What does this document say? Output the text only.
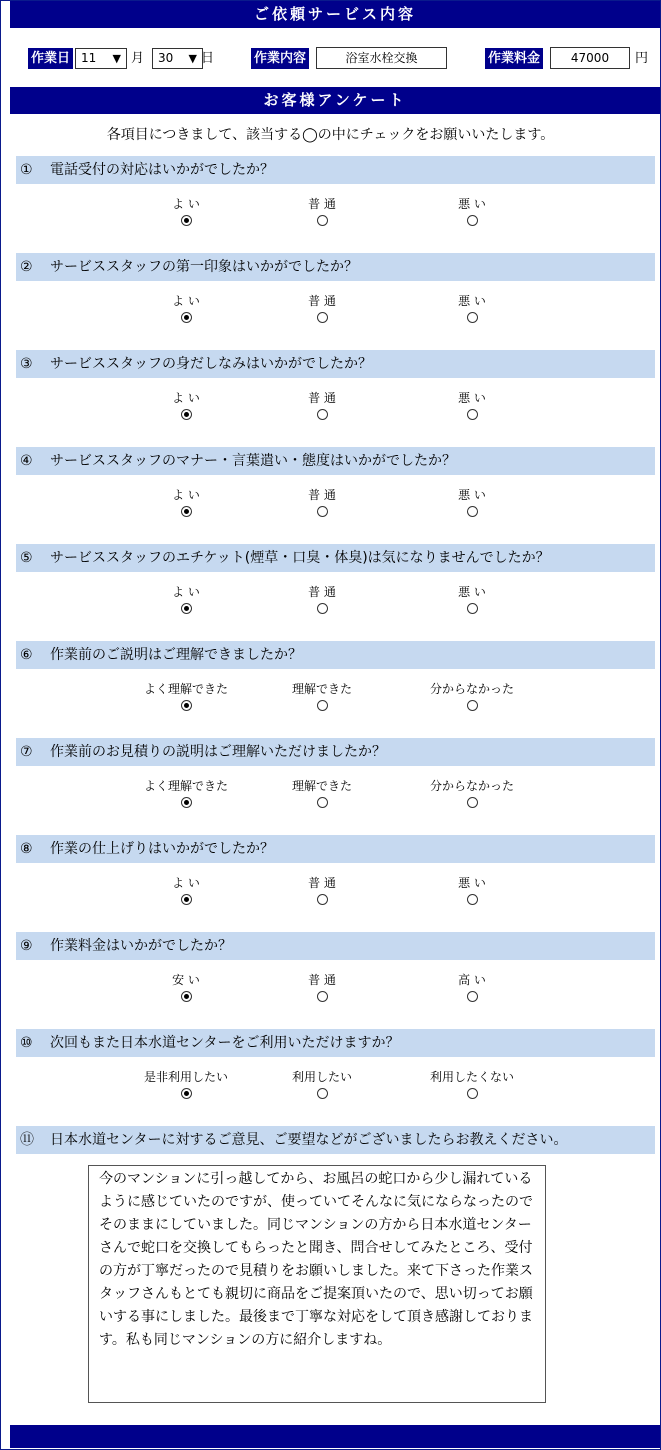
ご依頼サービス内容
作業日 11 ▼ 月	30 ▼ 日	作業内容	浴室水栓交換	作業料金	47000	円
お客様アンケート
各項目につきまして、該当する◯の中にチェックをお願いいたします。
① 電話受付の対応はいかがでしたか？
よ い	普 通	悪 い
② サービススタッフの第一印象はいかがでしたか？
よ い	普 通	悪 い
③ サービススタッフの身だしなみはいかがでしたか？
よ い	普 通	悪 い
④ サービススタッフのマナー・言葉遣い・態度はいかがでしたか？
よ い	普 通	悪 い
⑤ サービススタッフのエチケット(煙草・口臭・体臭)は気になりませんでしたか？
よ い	普 通	悪 い
⑥ 作業前のご説明はご理解できましたか？
よく理解できた	理解できた	分からなかった
⑦ 作業前のお見積りの説明はご理解いただけましたか？
よく理解できた	理解できた	分からなかった
⑧ 作業の仕上げりはいかがでしたか？
よ い	普 通	悪 い
⑨ 作業料金はいかがでしたか？
安 い	普 通	高 い
⑩ 次回もまた日本水道センターをご利用いただけますか？
是非利用したい	利用したい	利用したくない
⑪ 日本水道センターに対するご意見、ご要望などがございましたらお教えください。
今のマンションに引っ越してから、お風呂の蛇口から少し漏れているように感じていたのですが、使っていてそんなに気にならなったのでそのままにしていました。同じマンションの方から日本水道センターさんで蛇口を交換してもらったと聞き、問合せしてみたところ、受付の方が丁寧だったので見積りをお願いしました。来て下さった作業スタッフさんもとても親切に商品をご提案頂いたので、思い切ってお願いする事にしました。最後まで丁寧な対応をして頂き感謝しております。私も同じマンションの方に紹介しますね。
